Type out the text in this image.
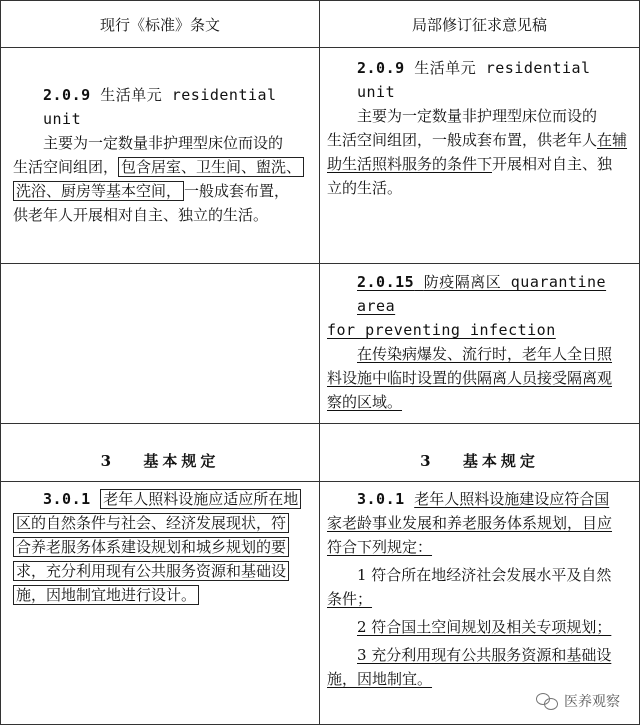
现行《标准》条文	局部修订征求意见稿
2.0.9 生活单元 residential unit
主要为一定数量非护理型床位而设的
生活空间组团， 包含居室、卫生间、盥洗、
洗浴、厨房等基本空间， 一般成套布置，
供老年人开展相对自主、独立的生活。
2.0.9 生活单元 residential unit
主要为一定数量非护理型床位而设的
生活空间组团，一般成套布置，供老年人在辅
助生活照料服务的条件下开展相对自主、独
立的生活。
2.0.15 防疫隔离区 quarantine area
for preventing infection
在传染病爆发、流行时，老年人全日照
料设施中临时设置的供隔离人员接受隔离观
察的区域。
3　 基本规定	3　 基本规定
3.0.1 老年人照料设施应适应所在地
区的自然条件与社会、经济发展现状，符
合养老服务体系建设规划和城乡规划的要
求，充分利用现有公共服务资源和基础设
施，因地制宜地进行设计。
3.0.1 老年人照料设施建设应符合国
家老龄事业发展和养老服务体系规划，目应
符合下列规定：
1 符合所在地经济社会发展水平及自然
条件；
2 符合国土空间规划及相关专项规划；
3 充分利用现有公共服务资源和基础设
施，因地制宜。
医养观察
